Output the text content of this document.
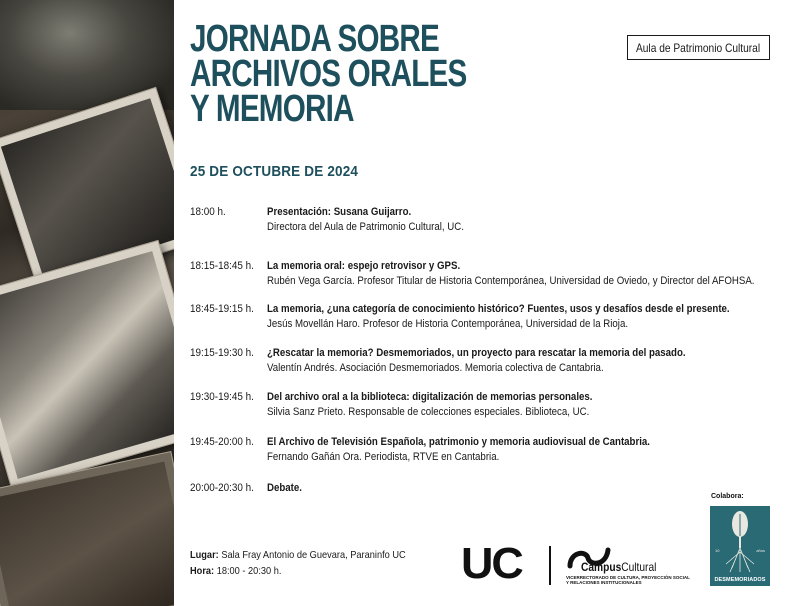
JORNADA SOBRE
ARCHIVOS ORALES
Y MEMORIA
Aula de Patrimonio Cultural
25 DE OCTUBRE DE 2024
18:00 h.	Presentación: Susana Guijarro.
Directora del Aula de Patrimonio Cultural, UC.
18:15-18:45 h.	La memoria oral: espejo retrovisor y GPS.
Rubén Vega García. Profesor Titular de Historia Contemporánea, Universidad de Oviedo, y Director del AFOHSA.
18:45-19:15 h.	La memoria, ¿una categoría de conocimiento histórico? Fuentes, usos y desafíos desde el presente.
Jesús Movellán Haro. Profesor de Historia Contemporánea, Universidad de la Rioja.
19:15-19:30 h.	¿Rescatar la memoria? Desmemoriados, un proyecto para rescatar la memoria del pasado.
Valentín Andrés. Asociación Desmemoriados. Memoria colectiva de Cantabria.
19:30-19:45 h.	Del archivo oral a la biblioteca: digitalización de memorias personales.
Silvia Sanz Prieto. Responsable de colecciones especiales. Biblioteca, UC.
19:45-20:00 h.	El Archivo de Televisión Española, patrimonio y memoria audiovisual de Cantabria.
Fernando Gañán Ora. Periodista, RTVE en Cantabria.
20:00-20:30 h.	Debate.
Lugar: Sala Fray Antonio de Guevara, Paraninfo UC
Hora: 18:00 - 20:30 h.	UC	CampusCultural
VICERRECTORADO DE CULTURA, PROYECCIÓN SOCIAL
Y RELACIONES INSTITUCIONALES
Colabora:
10	años
DESMEMORIADOS
